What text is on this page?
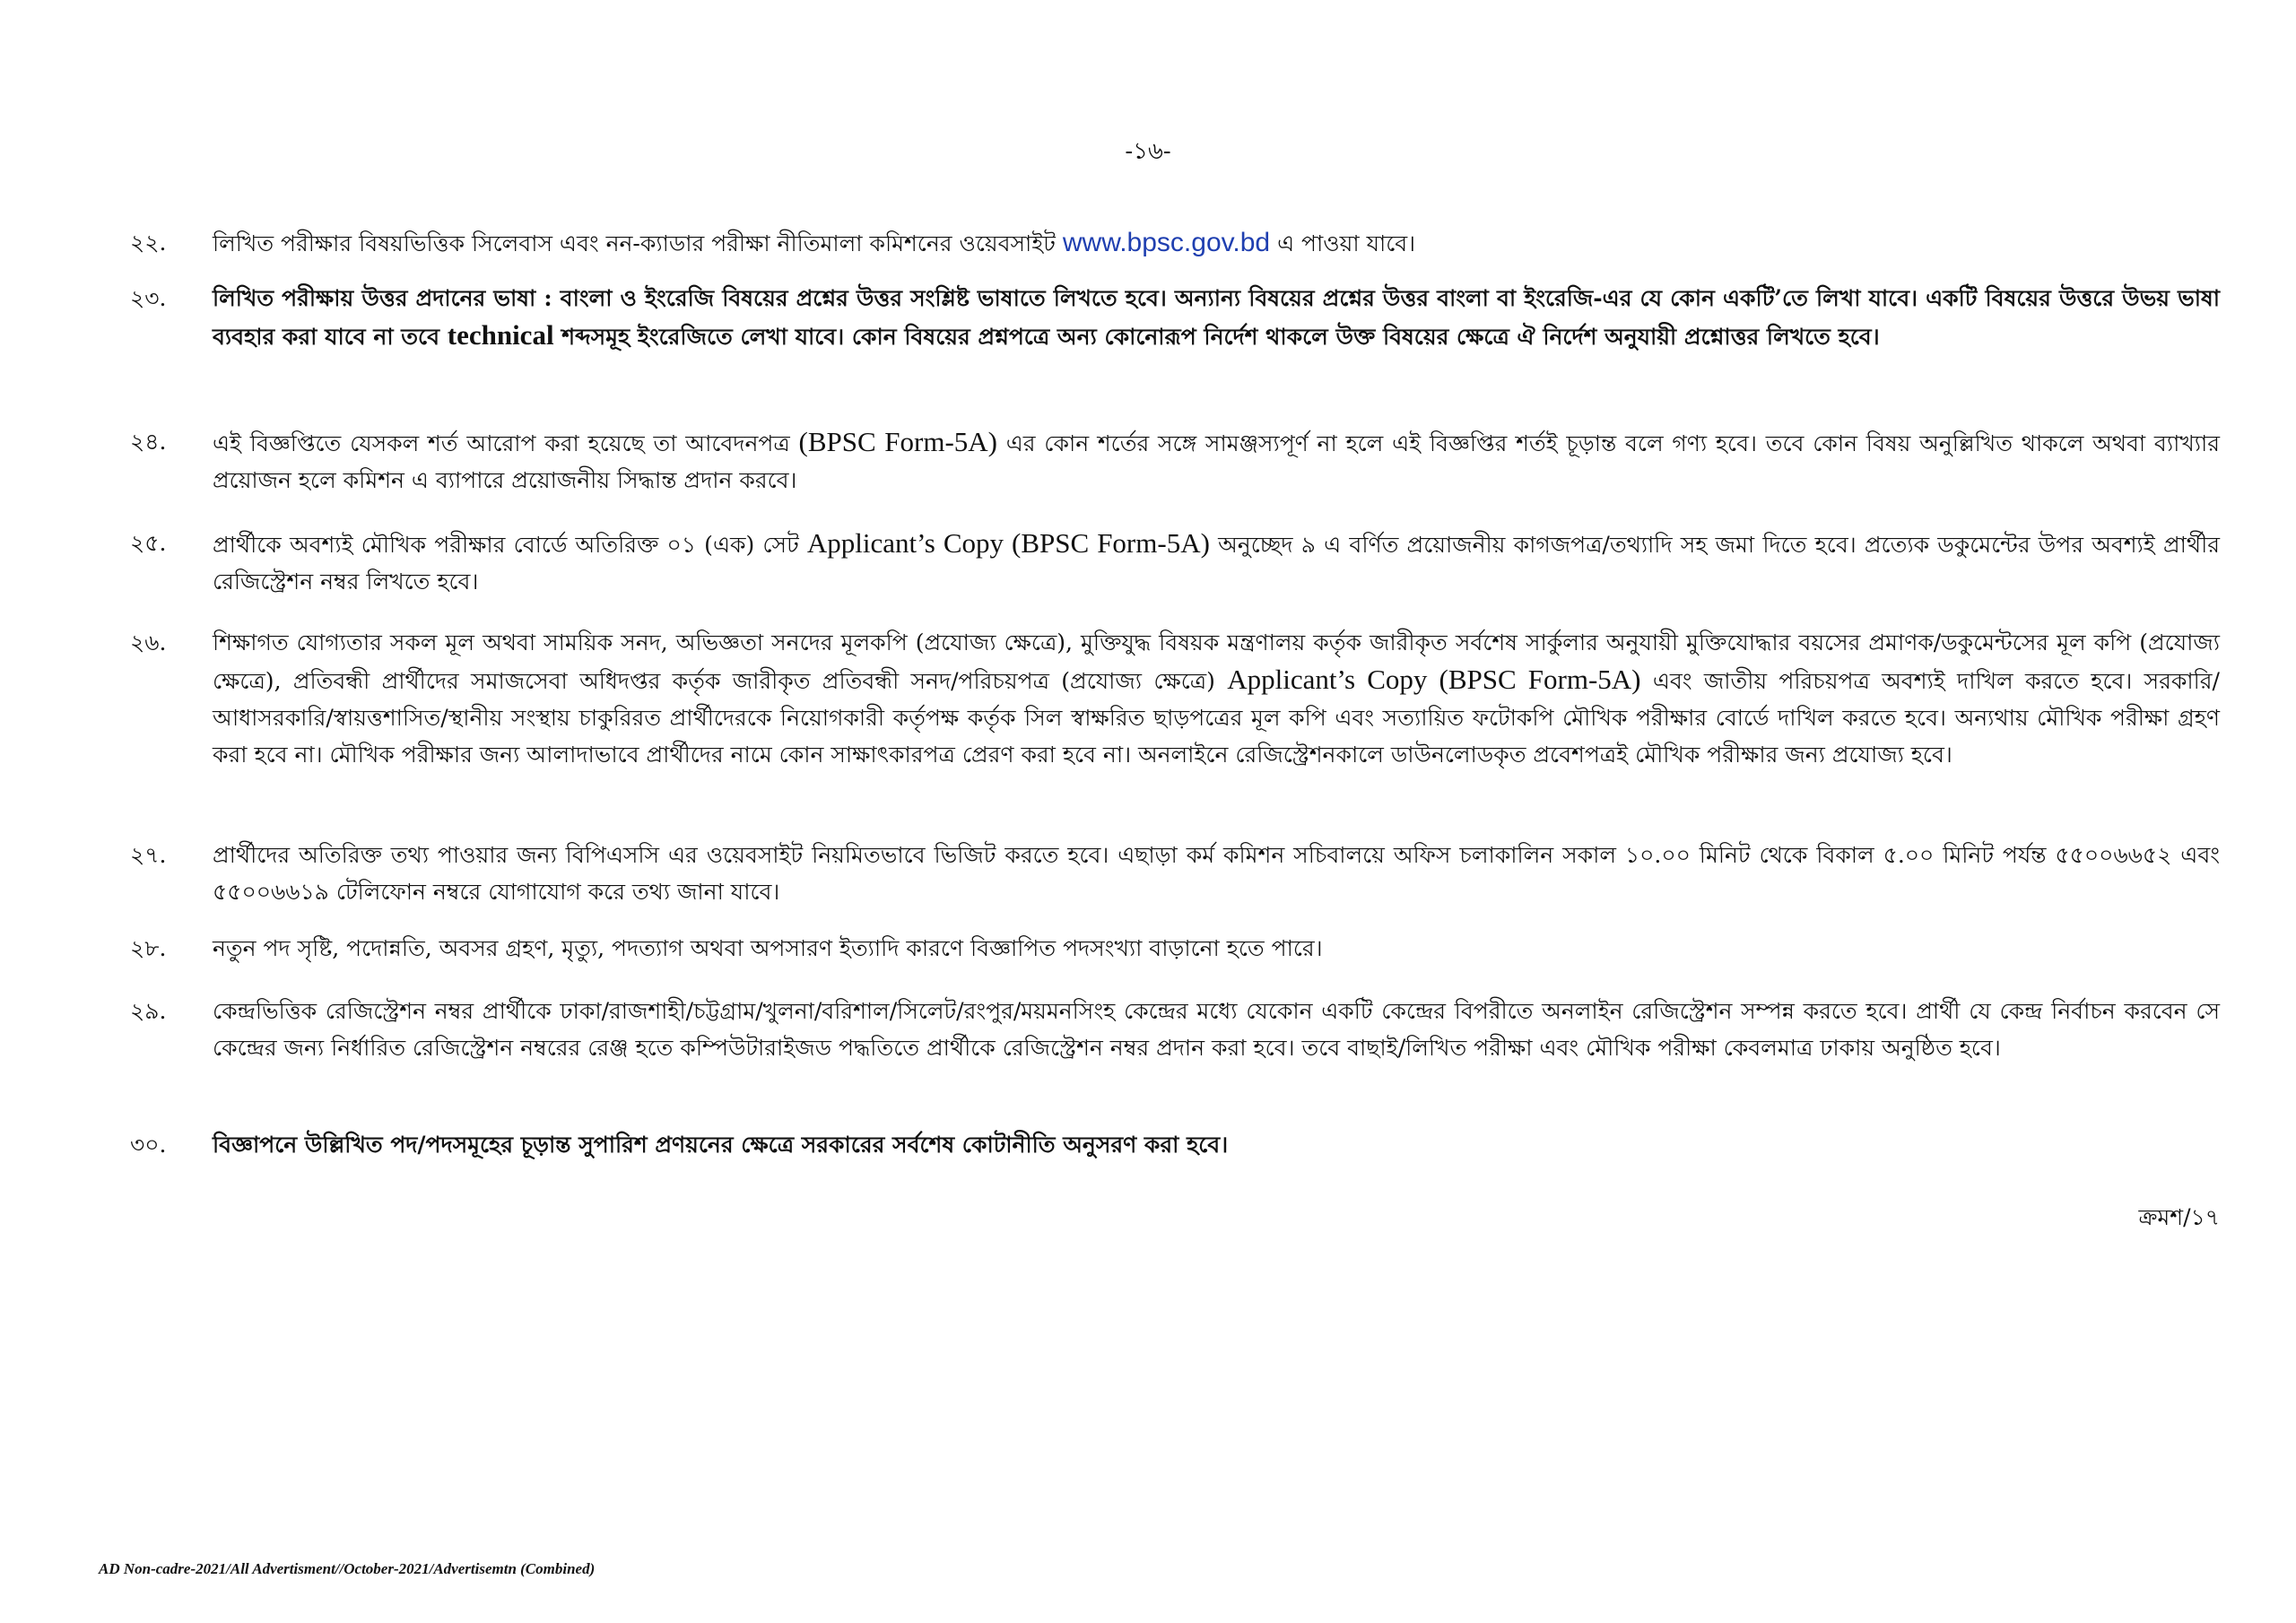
-১৬-
২২.	লিখিত পরীক্ষার বিষয়ভিত্তিক সিলেবাস এবং নন-ক্যাডার পরীক্ষা নীতিমালা কমিশনের ওয়েবসাইট www.bpsc.gov.bd এ পাওয়া যাবে।
২৩.	লিখিত পরীক্ষায় উত্তর প্রদানের ভাষা : বাংলা ও ইংরেজি বিষয়ের প্রশ্নের উত্তর সংশ্লিষ্ট ভাষাতে লিখতে হবে। অন্যান্য বিষয়ের প্রশ্নের উত্তর বাংলা বা ইংরেজি-এর যে কোন একটি’তে লিখা যাবে। একটি বিষয়ের উত্তরে উভয় ভাষা ব্যবহার করা যাবে না তবে technical শব্দসমূহ ইংরেজিতে লেখা যাবে। কোন বিষয়ের প্রশ্নপত্রে অন্য কোনোরূপ নির্দেশ থাকলে উক্ত বিষয়ের ক্ষেত্রে ঐ নির্দেশ অনুযায়ী প্রশ্নোত্তর লিখতে হবে।
২৪.	এই বিজ্ঞপ্তিতে যেসকল শর্ত আরোপ করা হয়েছে তা আবেদনপত্র (BPSC Form-5A) এর কোন শর্তের সঙ্গে সামঞ্জস্যপূর্ণ না হলে এই বিজ্ঞপ্তির শর্তই চূড়ান্ত বলে গণ্য হবে। তবে কোন বিষয় অনুল্লিখিত থাকলে অথবা ব্যাখ্যার প্রয়োজন হলে কমিশন এ ব্যাপারে প্রয়োজনীয় সিদ্ধান্ত প্রদান করবে।
২৫.	প্রার্থীকে অবশ্যই মৌখিক পরীক্ষার বোর্ডে অতিরিক্ত ০১ (এক) সেট Applicant’s Copy (BPSC Form-5A) অনুচ্ছেদ ৯ এ বর্ণিত প্রয়োজনীয় কাগজপত্র/তথ্যাদি সহ জমা দিতে হবে। প্রত্যেক ডকুমেন্টের উপর অবশ্যই প্রার্থীর রেজিস্ট্রেশন নম্বর লিখতে হবে।
২৬.	শিক্ষাগত যোগ্যতার সকল মূল অথবা সাময়িক সনদ, অভিজ্ঞতা সনদের মূলকপি (প্রযোজ্য ক্ষেত্রে), মুক্তিযুদ্ধ বিষয়ক মন্ত্রণালয় কর্তৃক জারীকৃত সর্বশেষ সার্কুলার অনুযায়ী মুক্তিযোদ্ধার বয়সের প্রমাণক/ডকুমেন্টসের মূল কপি (প্রযোজ্য ক্ষেত্রে), প্রতিবন্ধী প্রার্থীদের সমাজসেবা অধিদপ্তর কর্তৃক জারীকৃত প্রতিবন্ধী সনদ/পরিচয়পত্র (প্রযোজ্য ক্ষেত্রে) Applicant’s Copy (BPSC Form-5A) এবং জাতীয় পরিচয়পত্র অবশ্যই দাখিল করতে হবে। সরকারি/ আধাসরকারি/স্বায়ত্তশাসিত/স্থানীয় সংস্থায় চাকুরিরত প্রার্থীদেরকে নিয়োগকারী কর্তৃপক্ষ কর্তৃক সিল স্বাক্ষরিত ছাড়পত্রের মূল কপি এবং সত্যায়িত ফটোকপি মৌখিক পরীক্ষার বোর্ডে দাখিল করতে হবে। অন্যথায় মৌখিক পরীক্ষা গ্রহণ করা হবে না। মৌখিক পরীক্ষার জন্য আলাদাভাবে প্রার্থীদের নামে কোন সাক্ষাৎকারপত্র প্রেরণ করা হবে না। অনলাইনে রেজিস্ট্রেশনকালে ডাউনলোডকৃত প্রবেশপত্রই মৌখিক পরীক্ষার জন্য প্রযোজ্য হবে।
২৭.	প্রার্থীদের অতিরিক্ত তথ্য পাওয়ার জন্য বিপিএসসি এর ওয়েবসাইট নিয়মিতভাবে ভিজিট করতে হবে। এছাড়া কর্ম কমিশন সচিবালয়ে অফিস চলাকালিন সকাল ১০.০০ মিনিট থেকে বিকাল ৫.০০ মিনিট পর্যন্ত ৫৫০০৬৬৫২ এবং ৫৫০০৬৬১৯ টেলিফোন নম্বরে যোগাযোগ করে তথ্য জানা যাবে।
২৮.	নতুন পদ সৃষ্টি, পদোন্নতি, অবসর গ্রহণ, মৃত্যু, পদত্যাগ অথবা অপসারণ ইত্যাদি কারণে বিজ্ঞাপিত পদসংখ্যা বাড়ানো হতে পারে।
২৯.	কেন্দ্রভিত্তিক রেজিস্ট্রেশন নম্বর প্রার্থীকে ঢাকা/রাজশাহী/চট্টগ্রাম/খুলনা/বরিশাল/সিলেট/রংপুর/ময়মনসিংহ কেন্দ্রের মধ্যে যেকোন একটি কেন্দ্রের বিপরীতে অনলাইন রেজিস্ট্রেশন সম্পন্ন করতে হবে। প্রার্থী যে কেন্দ্র নির্বাচন করবেন সে কেন্দ্রের জন্য নির্ধারিত রেজিস্ট্রেশন নম্বরের রেঞ্জ হতে কম্পিউটারাইজড পদ্ধতিতে প্রার্থীকে রেজিস্ট্রেশন নম্বর প্রদান করা হবে। তবে বাছাই/লিখিত পরীক্ষা এবং মৌখিক পরীক্ষা কেবলমাত্র ঢাকায় অনুষ্ঠিত হবে।
৩০.	বিজ্ঞাপনে উল্লিখিত পদ/পদসমূহের চূড়ান্ত সুপারিশ প্রণয়নের ক্ষেত্রে সরকারের সর্বশেষ কোটানীতি অনুসরণ করা হবে।
ক্রমশ/১৭
AD Non-cadre-2021/All Advertisment//October-2021/Advertisemtn (Combined)
